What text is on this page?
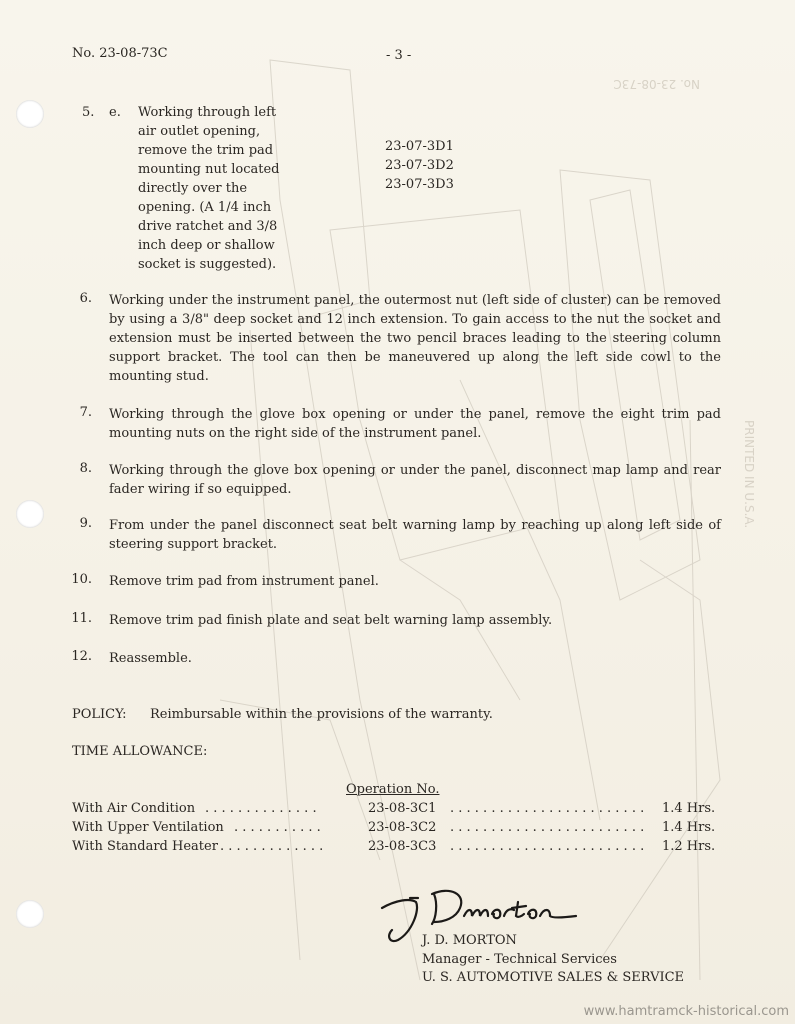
PRINTED IN U.S.A.
No. 23-08-73C
No. 23-08-73C	- 3 -
5. e. Working through left
air outlet opening,
remove the trim pad
mounting nut located
directly over the
opening. (A 1/4 inch
drive ratchet and 3/8
inch deep or shallow
socket is suggested).
23-07-3D1
23-07-3D2
23-07-3D3
6. Working under the instrument panel, the outermost nut (left side of cluster) can be removed by using a 3/8" deep socket and 12 inch extension. To gain access to the nut the socket and extension must be inserted between the two pencil braces leading to the steering column support bracket. The tool can then be maneuvered up along the left side cowl to the mounting stud.
7. Working through the glove box opening or under the panel, remove the eight trim pad mounting nuts on the right side of the instrument panel.
8. Working through the glove box opening or under the panel, disconnect map lamp and rear fader wiring if so equipped.
9. From under the panel disconnect seat belt warning lamp by reaching up along left side of steering support bracket.
10. Remove trim pad from instrument panel.
11. Remove trim pad finish plate and seat belt warning lamp assembly.
12. Reassemble.
POLICY: Reimbursable within the provisions of the warranty.
TIME ALLOWANCE:
Operation No.
With Air Condition . . . . . . . . . . . . . .	23-08-3C1 . . . . . . . . . . . . . . . . . . . . . . . . 1.4 Hrs.
With Upper Ventilation . . . . . . . . . . .	23-08-3C2 . . . . . . . . . . . . . . . . . . . . . . . . 1.4 Hrs.
With Standard Heater . . . . . . . . . . . . .	23-08-3C3 . . . . . . . . . . . . . . . . . . . . . . . . 1.2 Hrs.
J. D. MORTON
Manager - Technical Services
U. S. AUTOMOTIVE SALES & SERVICE
www.hamtramck-historical.com
